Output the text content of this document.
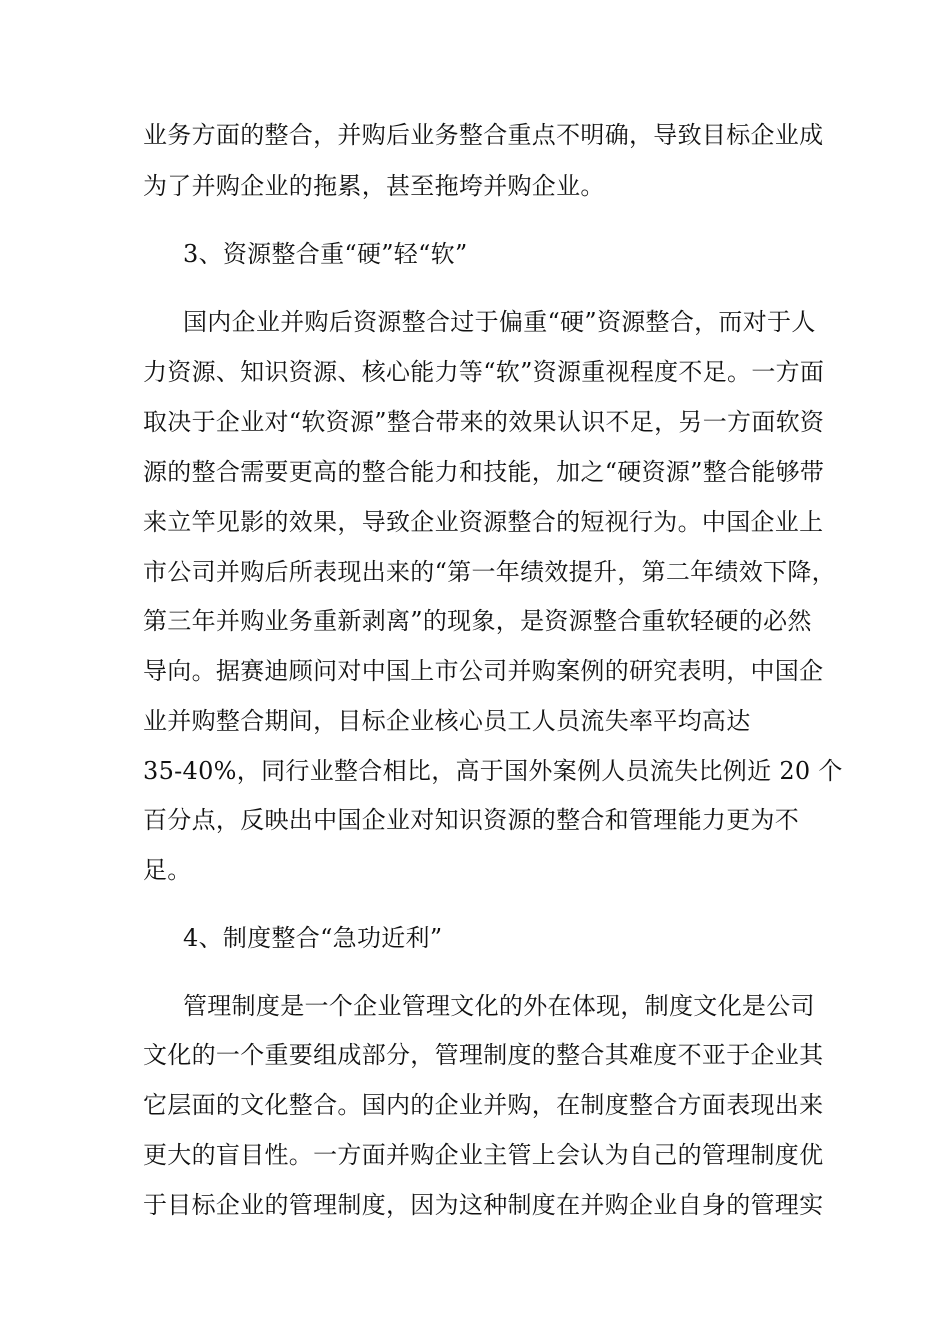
业务方面的整合，并购后业务整合重点不明确，导致目标企业成
为了并购企业的拖累，甚至拖垮并购企业。
3、资源整合重“硬”轻“软”
国内企业并购后资源整合过于偏重“硬”资源整合，而对于人
力资源、知识资源、核心能力等“软”资源重视程度不足。一方面
取决于企业对“软资源”整合带来的效果认识不足，另一方面软资
源的整合需要更高的整合能力和技能，加之“硬资源”整合能够带
来立竿见影的效果，导致企业资源整合的短视行为。中国企业上
市公司并购后所表现出来的“第一年绩效提升，第二年绩效下降，
第三年并购业务重新剥离”的现象，是资源整合重软轻硬的必然
导向。据赛迪顾问对中国上市公司并购案例的研究表明，中国企
业并购整合期间，目标企业核心员工人员流失率平均高达
35-40%，同行业整合相比，高于国外案例人员流失比例近 20 个
百分点，反映出中国企业对知识资源的整合和管理能力更为不
足。
4、制度整合“急功近利”
管理制度是一个企业管理文化的外在体现，制度文化是公司
文化的一个重要组成部分，管理制度的整合其难度不亚于企业其
它层面的文化整合。国内的企业并购，在制度整合方面表现出来
更大的盲目性。一方面并购企业主管上会认为自己的管理制度优
于目标企业的管理制度，因为这种制度在并购企业自身的管理实
